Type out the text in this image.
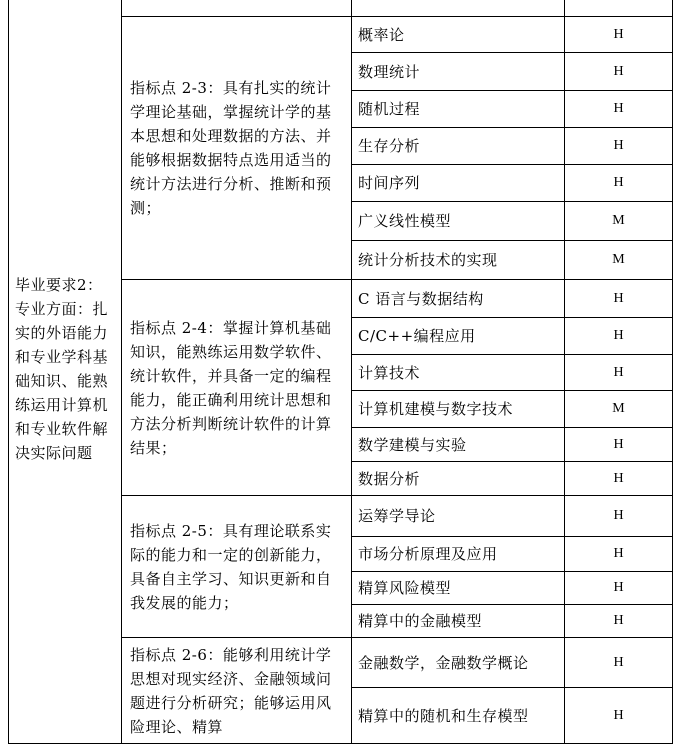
毕业要求2：专业方面：扎实的外语能力和专业学科基础知识、能熟练运用计算机和专业软件解决实际问题			

	指标点 2-3：具有扎实的统计学理论基础，掌握统计学的基本思想和处理数据的方法、并能够根据数据特点选用适当的统计方法进行分析、推断和预测；	概率论	H
		数理统计	H
		随机过程	H
		生存分析	H
		时间序列	H
		广义线性模型	M
		统计分析技术的实现	M

	指标点 2-4：掌握计算机基础知识，能熟练运用数学软件、统计软件，并具备一定的编程能力，能正确利用统计思想和方法分析判断统计软件的计算结果；	C 语言与数据结构	H
		C/C++编程应用	H
		计算技术	H
		计算机建模与数字技术	M
		数学建模与实验	H
		数据分析	H

	指标点 2-5：具有理论联系实际的能力和一定的创新能力，具备自主学习、知识更新和自我发展的能力；	运筹学导论	H
		市场分析原理及应用	H
		精算风险模型	H
		精算中的金融模型	H

	指标点 2-6：能够利用统计学思想对现实经济、金融领域问题进行分析研究；能够运用风险理论、精算	金融数学，金融数学概论	H
		精算中的随机和生存模型	H
